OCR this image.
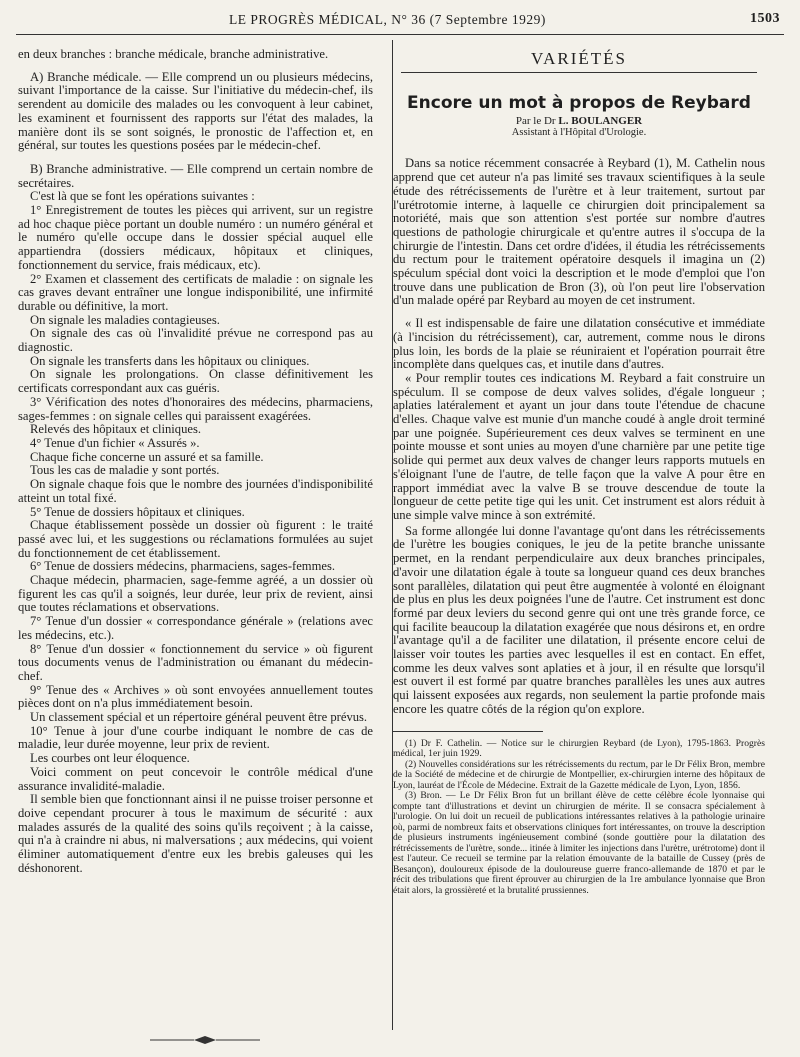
LE PROGRÈS MÉDICAL, N° 36 (7 Septembre 1929)	1503

en deux branches : branche médicale, branche administrative.

A) Branche médicale. — Elle comprend un ou plusieurs médecins, suivant l'importance de la caisse. Sur l'initiative du médecin-chef, ils serendent au domicile des malades ou les convoquent à leur cabinet, les examinent et fournissent des rapports sur l'état des malades, la manière dont ils se sont soignés, le pronostic de l'affection et, en général, sur toutes les questions posées par le médecin-chef.

B) Branche administrative. — Elle comprend un certain nombre de secrétaires.

C'est là que se font les opérations suivantes :

1° Enregistrement de toutes les pièces qui arrivent, sur un registre ad hoc chaque pièce portant un double numéro : un numéro général et le numéro qu'elle occupe dans le dossier spécial auquel elle appartiendra (dossiers médicaux, hôpitaux et cliniques, fonctionnement du service, frais médicaux, etc).

2° Examen et classement des certificats de maladie : on signale les cas graves devant entraîner une longue indisponibilité, une infirmité durable ou définitive, la mort.

On signale les maladies contagieuses.

On signale des cas où l'invalidité prévue ne correspond pas au diagnostic.

On signale les transferts dans les hôpitaux ou cliniques.

On signale les prolongations. On classe définitivement les certificats correspondant aux cas guéris.

3° Vérification des notes d'honoraires des médecins, pharmaciens, sages-femmes : on signale celles qui paraissent exagérées.

Relevés des hôpitaux et cliniques.

4° Tenue d'un fichier « Assurés ».

Chaque fiche concerne un assuré et sa famille.

Tous les cas de maladie y sont portés.

On signale chaque fois que le nombre des journées d'indisponibilité atteint un total fixé.

5° Tenue de dossiers hôpitaux et cliniques.

Chaque établissement possède un dossier où figurent : le traité passé avec lui, et les suggestions ou réclamations formulées au sujet du fonctionnement de cet établissement.

6° Tenue de dossiers médecins, pharmaciens, sages-femmes.

Chaque médecin, pharmacien, sage-femme agréé, a un dossier où figurent les cas qu'il a soignés, leur durée, leur prix de revient, ainsi que toutes réclamations et observations.

7° Tenue d'un dossier « correspondance générale » (relations avec les médecins, etc.).

8° Tenue d'un dossier « fonctionnement du service » où figurent tous documents venus de l'administration ou émanant du médecin-chef.

9° Tenue des « Archives » où sont envoyées annuellement toutes pièces dont on n'a plus immédiatement besoin.

Un classement spécial et un répertoire général peuvent être prévus.

10° Tenue à jour d'une courbe indiquant le nombre de cas de maladie, leur durée moyenne, leur prix de revient.

Les courbes ont leur éloquence.

Voici comment on peut concevoir le contrôle médical d'une assurance invalidité-maladie.

Il semble bien que fonctionnant ainsi il ne puisse troiser personne et doive cependant procurer à tous le maximum de sécurité : aux malades assurés de la qualité des soins qu'ils reçoivent ; à la caisse, qui n'a à craindre ni abus, ni malversations ; aux médecins, qui voient éliminer automatiquement d'entre eux les brebis galeuses qui les déshonorent.

VARIÉTÉS
Encore un mot à propos de Reybard
Par le Dr L. BOULANGER
Assistant à l'Hôpital d'Urologie.

Dans sa notice récemment consacrée à Reybard (1), M. Cathelin nous apprend que cet auteur n'a pas limité ses travaux scientifiques à la seule étude des rétrécissements de l'urètre et à leur traitement, surtout par l'urétrotomie interne, à laquelle ce chirurgien doit principalement sa notoriété, mais que son attention s'est portée sur nombre d'autres questions de pathologie chirurgicale et qu'entre autres il s'occupa de la chirurgie de l'intestin. Dans cet ordre d'idées, il étudia les rétrécissements du rectum pour le traitement opératoire desquels il imagina un (2) spéculum spécial dont voici la description et le mode d'emploi que l'on trouve dans une publication de Bron (3), où l'on peut lire l'observation d'un malade opéré par Reybard au moyen de cet instrument.

« Il est indispensable de faire une dilatation consécutive et immédiate (à l'incision du rétrécissement), car, autrement, comme nous le dirons plus loin, les bords de la plaie se réuniraient et l'opération pourrait être incomplète dans quelques cas, et inutile dans d'autres.

« Pour remplir toutes ces indications M. Reybard a fait construire un spéculum. Il se compose de deux valves solides, d'égale longueur ; aplaties latéralement et ayant un jour dans toute l'étendue de chacune d'elles. Chaque valve est munie d'un manche coudé à angle droit terminé par une poignée. Supérieurement ces deux valves se terminent en une pointe mousse et sont unies au moyen d'une charnière par une petite tige solide qui permet aux deux valves de changer leurs rapports mutuels en s'éloignant l'une de l'autre, de telle façon que la valve A pour être en rapport immédiat avec la valve B se trouve descendue de toute la longueur de cette petite tige qui les unit. Cet instrument est alors réduit à une simple valve mince à son extrémité.

Sa forme allongée lui donne l'avantage qu'ont dans les rétrécissements de l'urètre les bougies coniques, le jeu de la petite branche unissante permet, en la rendant perpendiculaire aux deux branches principales, d'avoir une dilatation égale à toute sa longueur quand ces deux branches sont parallèles, dilatation qui peut être augmentée à volonté en éloignant de plus en plus les deux poignées l'une de l'autre. Cet instrument est donc formé par deux leviers du second genre qui ont une très grande force, ce qui facilite beaucoup la dilatation exagérée que nous désirons et, en ordre l'avantage qu'il a de faciliter une dilatation, il présente encore celui de laisser voir toutes les parties avec lesquelles il est en contact. En effet, comme les deux valves sont aplaties et à jour, il en résulte que lorsqu'il est ouvert il est formé par quatre branches parallèles les unes aux autres qui laissent exposées aux regards, non seulement la partie profonde mais encore les quatre côtés de la région qu'on explore.

(1) Dr F. Cathelin. — Notice sur le chirurgien Reybard (de Lyon), 1795-1863. Progrès médical, 1er juin 1929.

(2) Nouvelles considérations sur les rétrécissements du rectum, par le Dr Félix Bron, membre de la Société de médecine et de chirurgie de Montpellier, ex-chirurgien interne des hôpitaux de Lyon, lauréat de l'École de Médecine. Extrait de la Gazette médicale de Lyon, Lyon, 1856.

(3) Bron. — Le Dr Félix Bron fut un brillant élève de cette célèbre école lyonnaise qui compte tant d'illustrations et devint un chirurgien de mérite. Il se consacra spécialement à l'urologie. On lui doit un recueil de publications intéressantes relatives à la pathologie urinaire où, parmi de nombreux faits et observations cliniques fort intéressantes, on trouve la description de plusieurs instruments ingénieusement combiné (sonde gouttière pour la dilatation des rétrécissements de l'urètre, sonde... itinée à limiter les injections dans l'urètre, urétrotome) dont il est l'auteur. Ce recueil se termine par la relation émouvante de la bataille de Cussey (près de Besançon), douloureux épisode de la douloureuse guerre franco-allemande de 1870 et par le récit des tribulations que firent éprouver au chirurgien de la 1re ambulance lyonnaise que Bron était alors, la grossièreté et la brutalité prussiennes.
